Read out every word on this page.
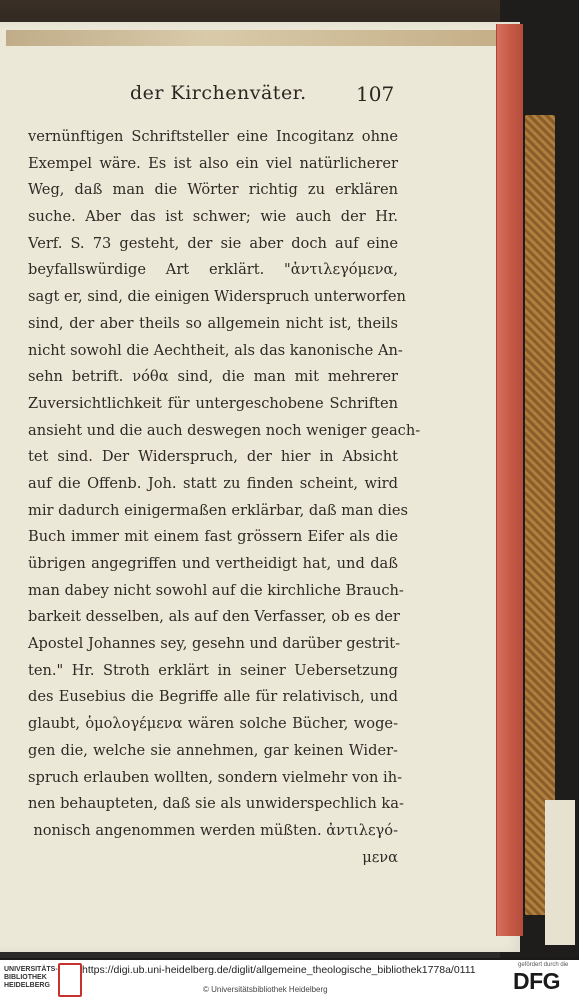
der Kirchenväter. 107
vernünftigen Schriftsteller eine Incogitanz ohne
Exempel wäre. Es ist also ein viel natürlicherer
Weg, daß man die Wörter richtig zu erklären
suche. Aber das ist schwer; wie auch der Hr.
Verf. S. 73 gesteht, der sie aber doch auf eine
beyfallswürdige Art erklärt. "ἀντιλεγόμενα,
sagt er, sind, die einigen Widerspruch unterworfen
sind, der aber theils so allgemein nicht ist, theils
nicht sowohl die Aechtheit, als das kanonische An-
sehn betrift. νόθα sind, die man mit mehrerer
Zuversichtlichkeit für untergeschobene Schriften
ansieht und die auch deswegen noch weniger geach-
tet sind. Der Widerspruch, der hier in Absicht
auf die Offenb. Joh. statt zu finden scheint, wird
mir dadurch einigermaßen erklärbar, daß man dies
Buch immer mit einem fast grössern Eifer als die
übrigen angegriffen und vertheidigt hat, und daß
man dabey nicht sowohl auf die kirchliche Brauch-
barkeit desselben, als auf den Verfasser, ob es der
Apostel Johannes sey, gesehn und darüber gestrit-
ten." Hr. Stroth erklärt in seiner Uebersetzung
des Eusebius die Begriffe alle für relativisch, und
glaubt, ὁμολογέμενα wären solche Bücher, woge-
gen die, welche sie annehmen, gar keinen Wider-
spruch erlauben wollten, sondern vielmehr von ih-
nen behaupteten, daß sie als unwiderspechlich ka-
nonisch angenommen werden müßten. ἀντιλεγό-
μενα
UNIVERSITÄTS-BIBLIOTHEK HEIDELBERG
https://digi.ub.uni-heidelberg.de/diglit/allgemeine_theologische_bibliothek1778a/0111
© Universitätsbibliothek Heidelberg
gefördert durch die
DFG
